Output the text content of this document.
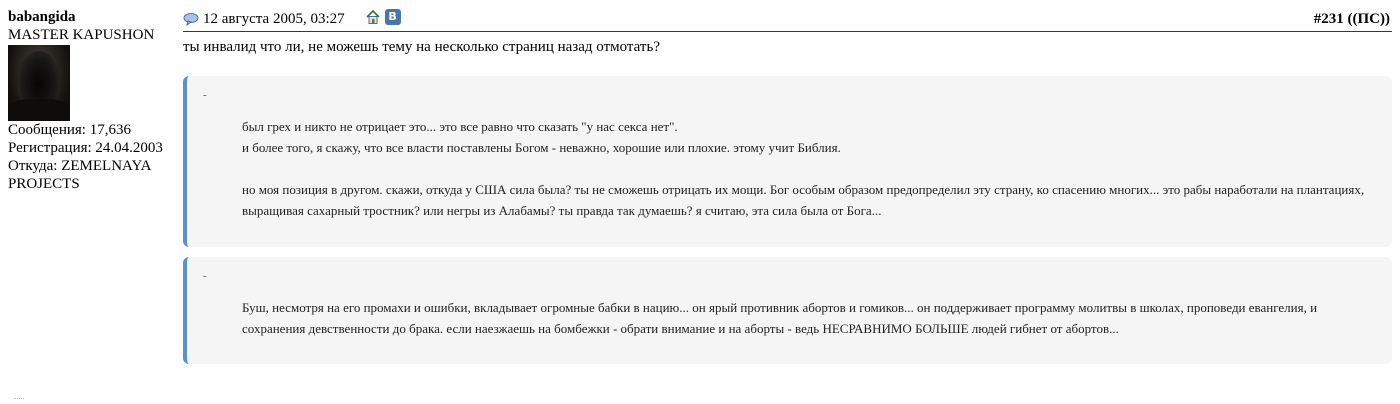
babangida
MASTER KAPUSHON
Сообщения: 17,636
Регистрация: 24.04.2003
Откуда: ZEMELNAYA PROJECTS
12 августа 2005, 03:27	В	#231 ((ПС))
ты инвалид что ли, не можешь тему на несколько страниц назад отмотать?
-

был грех и никто не отрицает это... это все равно что сказать "у нас секса нет".

и более того, я скажу, что все власти поставлены Богом - неважно, хорошие или плохие. этому учит Библия.

но моя позиция в другом. скажи, откуда у США сила была? ты не сможешь отрицать их мощи. Бог особым образом предопределил эту страну, ко спасению многих... это рабы наработали на плантациях, выращивая сахарный тростник? или негры из Алабамы? ты правда так думаешь? я считаю, эта сила была от Бога...

-

Буш, несмотря на его промахи и ошибки, вкладывает огромные бабки в нацию... он ярый противник абортов и гомиков... он поддерживает программу молитвы в школах, проповеди евангелия, и сохранения девственности до брака. если наезжаешь на бомбежки - обрати внимание и на аборты - ведь НЕСРАВНИМО БОЛЬШЕ людей гибнет от абортов...
